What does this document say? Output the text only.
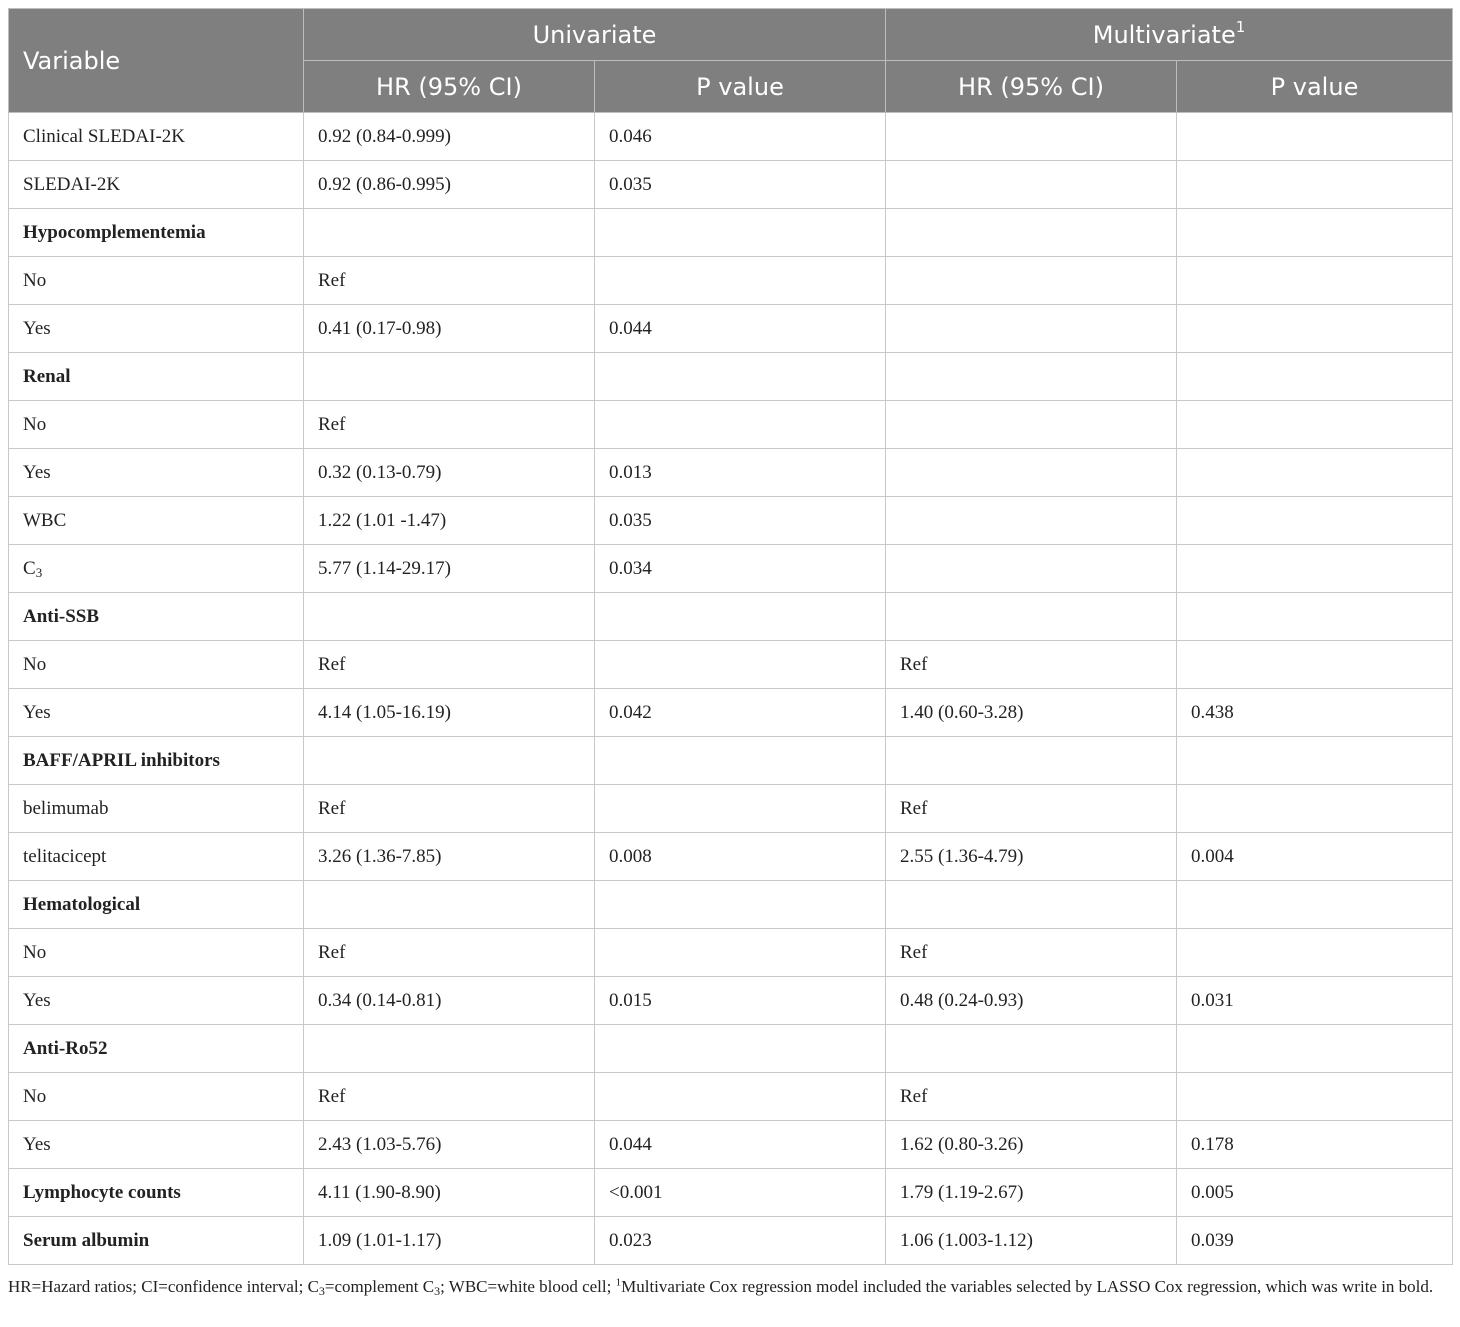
Variable	Univariate		Multivariate$^1$
	HR (95% CI)	P value	HR (95% CI)	P value
Clinical SLEDAI-2K	0.92 (0.84-0.999)	0.046		
SLEDAI-2K	0.92 (0.86-0.995)	0.035		
Hypocomplementemia				
No	Ref			
Yes	0.41 (0.17-0.98)	0.044		
Renal				
No	Ref			
Yes	0.32 (0.13-0.79)	0.013		
WBC	1.22 (1.01 -1.47)	0.035		
$C_3$	5.77 (1.14-29.17)	0.034		
Anti-SSB				
No	Ref		Ref	
Yes	4.14 (1.05-16.19)	0.042	1.40 (0.60-3.28)	0.438
BAFF/APRIL inhibitors				
belimumab	Ref		Ref	
telitacicept	3.26 (1.36-7.85)	0.008	2.55 (1.36-4.79)	0.004
Hematological				
No	Ref		Ref	
Yes	0.34 (0.14-0.81)	0.015	0.48 (0.24-0.93)	0.031
Anti-Ro52				
No	Ref		Ref	
Yes	2.43 (1.03-5.76)	0.044	1.62 (0.80-3.26)	0.178
Lymphocyte counts	4.11 (1.90-8.90)	<0.001	1.79 (1.19-2.67)	0.005
Serum albumin	1.09 (1.01-1.17)	0.023	1.06 (1.003-1.12)	0.039
HR=Hazard ratios; CI=confidence interval; $C_3=complement$ $C_3$; WBC=white blood cell; $^1$Multivariate Cox regression model included the variables selected by LASSO Cox regression, which was write in bold.
